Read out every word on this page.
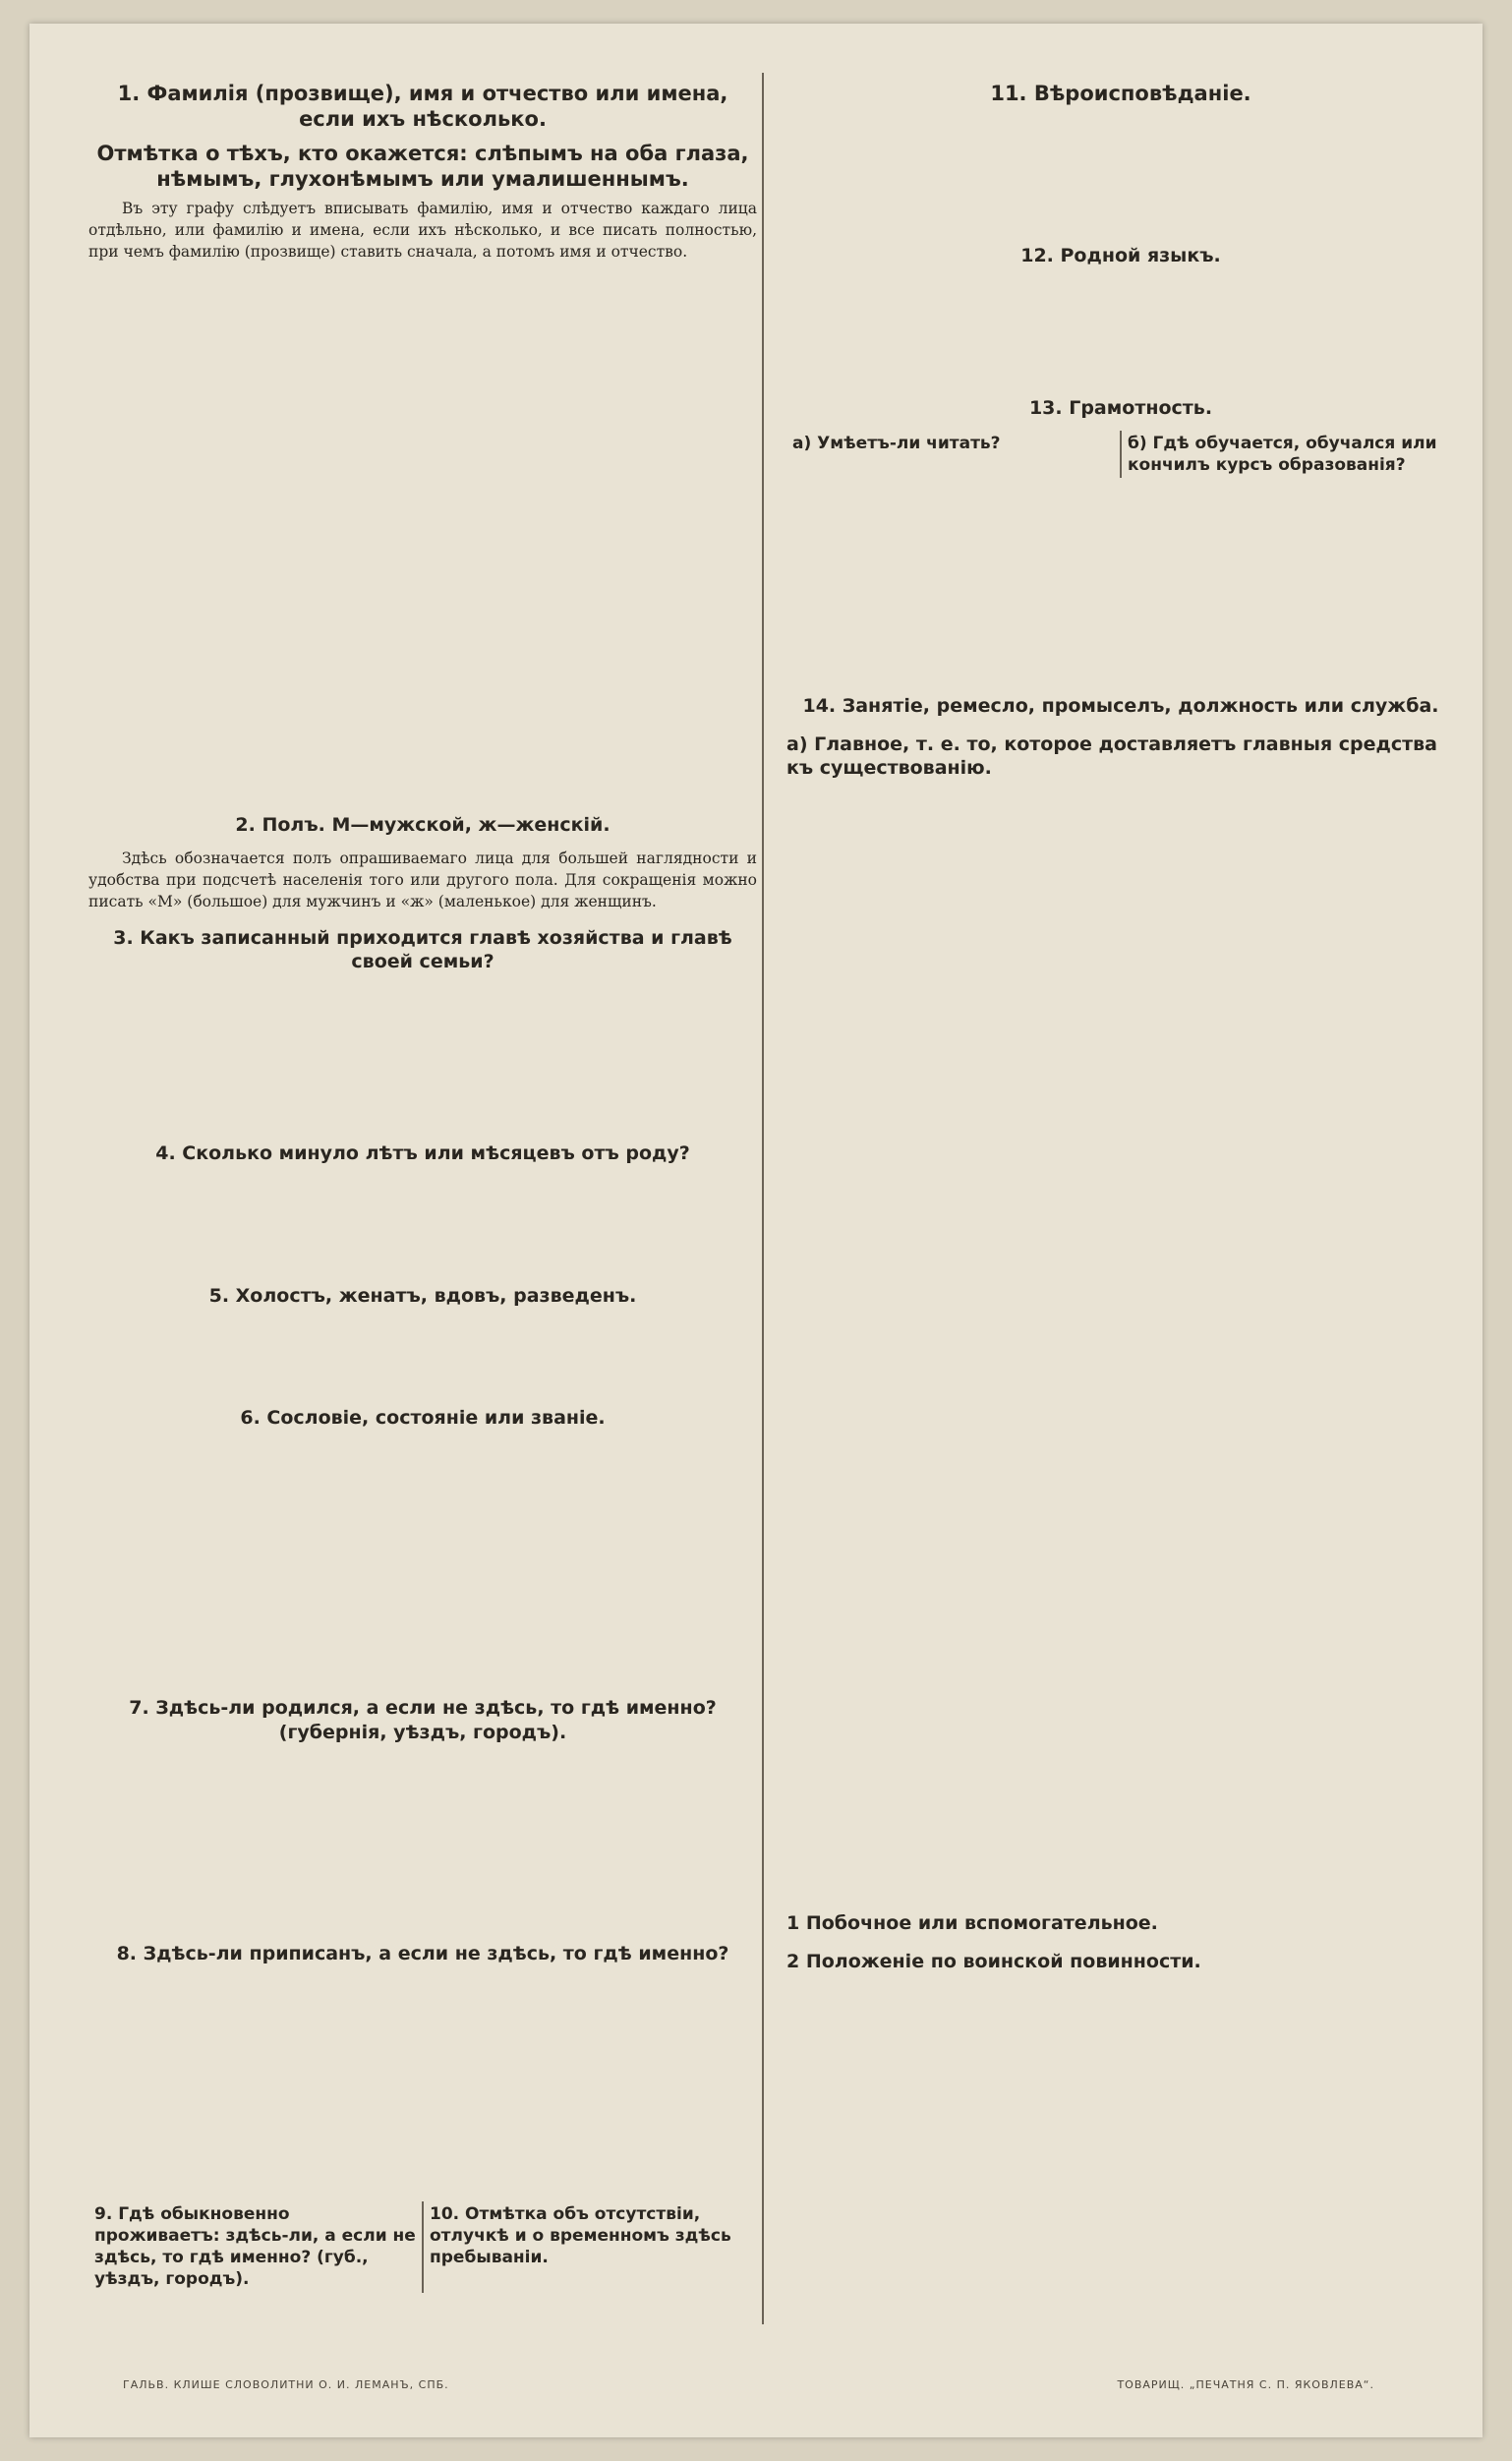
1. Фамилія (прозвище), имя и отчество или имена, если ихъ нѣсколько.
Отмѣтка о тѣхъ, кто окажется: слѣпымъ на оба глаза, нѣмымъ, глухонѣмымъ или умалишеннымъ.

Въ эту графу слѣдуетъ вписывать фамилію, имя и отчество каждаго лица отдѣльно, или фамилію и имена, если ихъ нѣсколько, и все писать полностью, при чемъ фамилію (прозвище) ставить сначала, а потомъ имя и отчество.

2. Полъ. М—мужской, ж—женскій.

Здѣсь обозначается полъ опрашиваемаго лица для большей наглядности и удобства при подсчетѣ населенія того или другого пола. Для сокращенія можно писать «М» (большое) для мужчинъ и «ж» (маленькое) для женщинъ.

3. Какъ записанный приходится главѣ хозяйства и главѣ своей семьи?
4. Сколько минуло лѣтъ или мѣсяцевъ отъ роду?
5. Холостъ, женатъ, вдовъ, разведенъ.
6. Сословіе, состояніе или званіе.
7. Здѣсь-ли родился, а если не здѣсь, то гдѣ именно? (губернія, уѣздъ, городъ).
8. Здѣсь-ли приписанъ, а если не здѣсь, то гдѣ именно?
9. Гдѣ обыкновенно проживаетъ: здѣсь-ли, а если не здѣсь, то гдѣ именно? (губ., уѣздъ, городъ).
10. Отмѣтка объ отсутствіи, отлучкѣ и о временномъ здѣсь пребываніи.
11. Вѣроисповѣданіе.
12. Родной языкъ.
13. Грамотность.
а) Умѣетъ-ли читать?	б) Гдѣ обучается, обучался или кончилъ курсъ образованія?
14. Занятіе, ремесло, промыселъ, должность или служба.
а) Главное, т. е. то, которое доставляетъ главныя средства къ существованію.
1 Побочное или вспомогательное.
2 Положеніе по воинской повинности.
ГАЛЬВ. КЛИШЕ СЛОВОЛИТНИ О. И. ЛЕМАНЪ, СПБ.	ТОВАРИЩ. „ПЕЧАТНЯ С. П. ЯКОВЛЕВА“.
